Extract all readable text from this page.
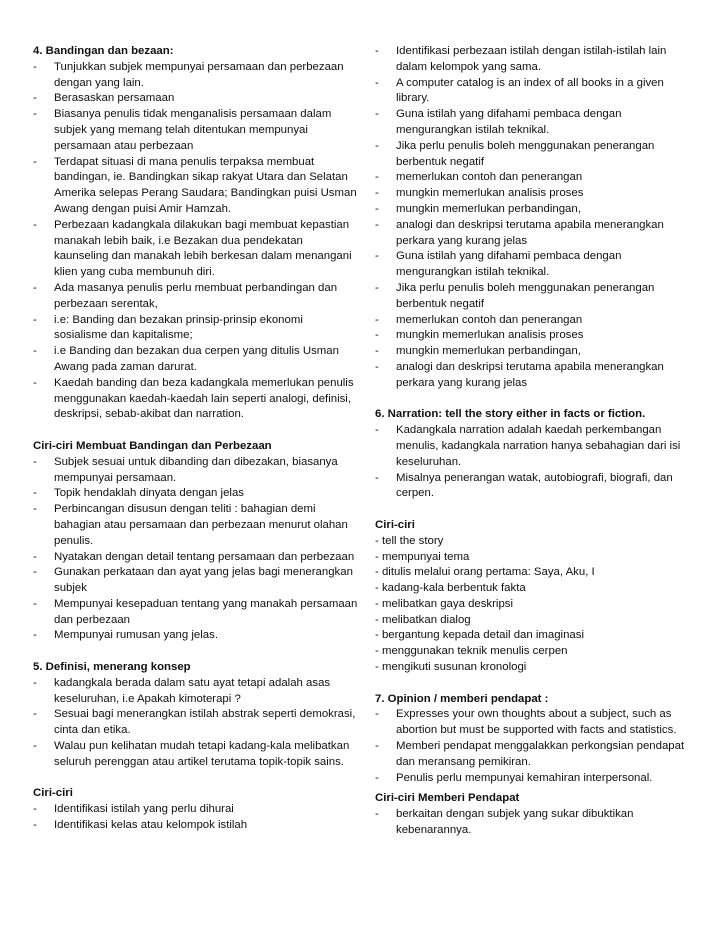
4. Bandingan dan bezaan:
- Tunjukkan subjek mempunyai persamaan dan perbezaan dengan yang lain.
- Berasaskan persamaan
- Biasanya penulis tidak menganalisis persamaan dalam subjek yang memang telah ditentukan mempunyai persamaan atau perbezaan
- Terdapat situasi di mana penulis terpaksa membuat bandingan, ie. Bandingkan sikap rakyat Utara dan Selatan Amerika selepas Perang Saudara; Bandingkan puisi Usman Awang dengan puisi Amir Hamzah.
- Perbezaan kadangkala dilakukan bagi membuat kepastian manakah lebih baik, i.e Bezakan dua pendekatan kaunseling dan manakah lebih berkesan dalam menangani klien yang cuba membunuh diri.
- Ada masanya penulis perlu membuat perbandingan dan perbezaan serentak,
- i.e: Banding dan bezakan prinsip-prinsip ekonomi sosialisme dan kapitalisme;
- i.e Banding dan bezakan dua cerpen yang ditulis Usman Awang pada zaman darurat.
- Kaedah banding dan beza kadangkala memerlukan penulis menggunakan kaedah-kaedah lain seperti analogi, definisi, deskripsi, sebab-akibat dan narration.
Ciri-ciri Membuat Bandingan dan Perbezaan
- Subjek sesuai untuk dibanding dan dibezakan, biasanya mempunyai persamaan.
- Topik hendaklah dinyata dengan jelas
- Perbincangan disusun dengan teliti : bahagian demi bahagian atau persamaan dan perbezaan menurut olahan penulis.
- Nyatakan dengan detail tentang persamaan dan perbezaan
- Gunakan perkataan dan ayat yang jelas bagi menerangkan subjek
- Mempunyai kesepaduan tentang yang manakah persamaan dan perbezaan
- Mempunyai rumusan yang jelas.
5. Definisi, menerang konsep
- kadangkala berada dalam satu ayat tetapi adalah asas keseluruhan, i.e Apakah kimoterapi ?
- Sesuai bagi menerangkan istilah abstrak seperti demokrasi, cinta dan etika.
- Walau pun kelihatan mudah tetapi kadang-kala melibatkan seluruh perenggan atau artikel terutama topik-topik sains.
Ciri-ciri
- Identifikasi istilah yang perlu dihurai
- Identifikasi kelas atau kelompok istilah
- Identifikasi perbezaan istilah dengan istilah-istilah lain dalam kelompok yang sama.
- A computer catalog is an index of all books in a given library.
- Guna istilah yang difahami pembaca dengan mengurangkan istilah teknikal.
- Jika perlu penulis boleh menggunakan penerangan berbentuk negatif
- memerlukan contoh dan penerangan
- mungkin memerlukan analisis proses
- mungkin memerlukan perbandingan,
- analogi dan deskripsi terutama apabila menerangkan perkara yang kurang jelas
- Guna istilah yang difahami pembaca dengan mengurangkan istilah teknikal.
- Jika perlu penulis boleh menggunakan penerangan berbentuk negatif
- memerlukan contoh dan penerangan
- mungkin memerlukan analisis proses
- mungkin memerlukan perbandingan,
- analogi dan deskripsi terutama apabila menerangkan perkara yang kurang jelas
6. Narration: tell the story either in facts or fiction.
- Kadangkala narration adalah kaedah perkembangan menulis, kadangkala narration hanya sebahagian dari isi keseluruhan.
- Misalnya penerangan watak, autobiografi, biografi, dan cerpen.
Ciri-ciri
- tell the story
- mempunyai tema
- ditulis melalui orang pertama: Saya, Aku, I
- kadang-kala berbentuk fakta
- melibatkan gaya deskripsi
- melibatkan dialog
- bergantung kepada detail dan imaginasi
- menggunakan teknik menulis cerpen
- mengikuti susunan kronologi
7. Opinion / memberi pendapat :
- Expresses your own thoughts about a subject, such as abortion but must be supported with facts and statistics.
- Memberi pendapat menggalakkan perkongsian pendapat dan meransang pemikiran.
- Penulis perlu mempunyai kemahiran interpersonal.
Ciri-ciri Memberi Pendapat
- berkaitan dengan subjek yang sukar dibuktikan kebenarannya.
